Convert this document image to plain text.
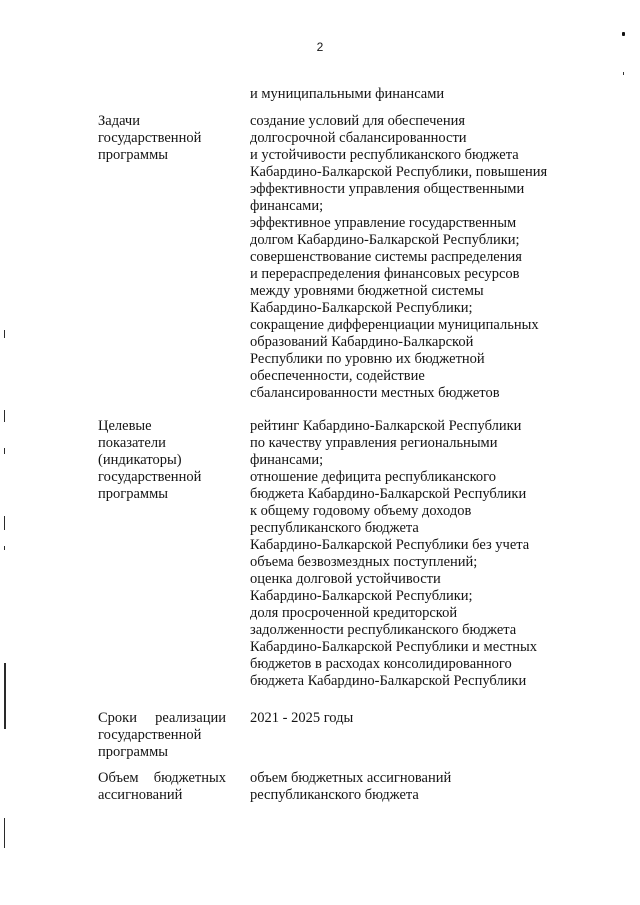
2
и муниципальными финансами
Задачи
государственной
программы
создание условий для обеспечения
долгосрочной сбалансированности
и устойчивости республиканского бюджета
Кабардино-Балкарской Республики, повышения
эффективности управления общественными
финансами;
эффективное управление государственным
долгом Кабардино-Балкарской Республики;
совершенствование системы распределения
и перераспределения финансовых ресурсов
между уровнями бюджетной системы
Кабардино-Балкарской Республики;
сокращение дифференциации муниципальных
образований Кабардино-Балкарской
Республики по уровню их бюджетной
обеспеченности, содействие
сбалансированности местных бюджетов
Целевые
показатели
(индикаторы)
государственной
программы
рейтинг Кабардино-Балкарской Республики
по качеству управления региональными
финансами;
отношение дефицита республиканского
бюджета Кабардино-Балкарской Республики
к общему годовому объему доходов
республиканского бюджета
Кабардино-Балкарской Республики без учета
объема безвозмездных поступлений;
оценка долговой устойчивости
Кабардино-Балкарской Республики;
доля просроченной кредиторской
задолженности республиканского бюджета
Кабардино-Балкарской Республики и местных
бюджетов в расходах консолидированного
бюджета Кабардино-Балкарской Республики
Сроки реализации
государственной
программы
2021 - 2025 годы
Объем бюджетных
ассигнований
объем бюджетных ассигнований
республиканского бюджета
